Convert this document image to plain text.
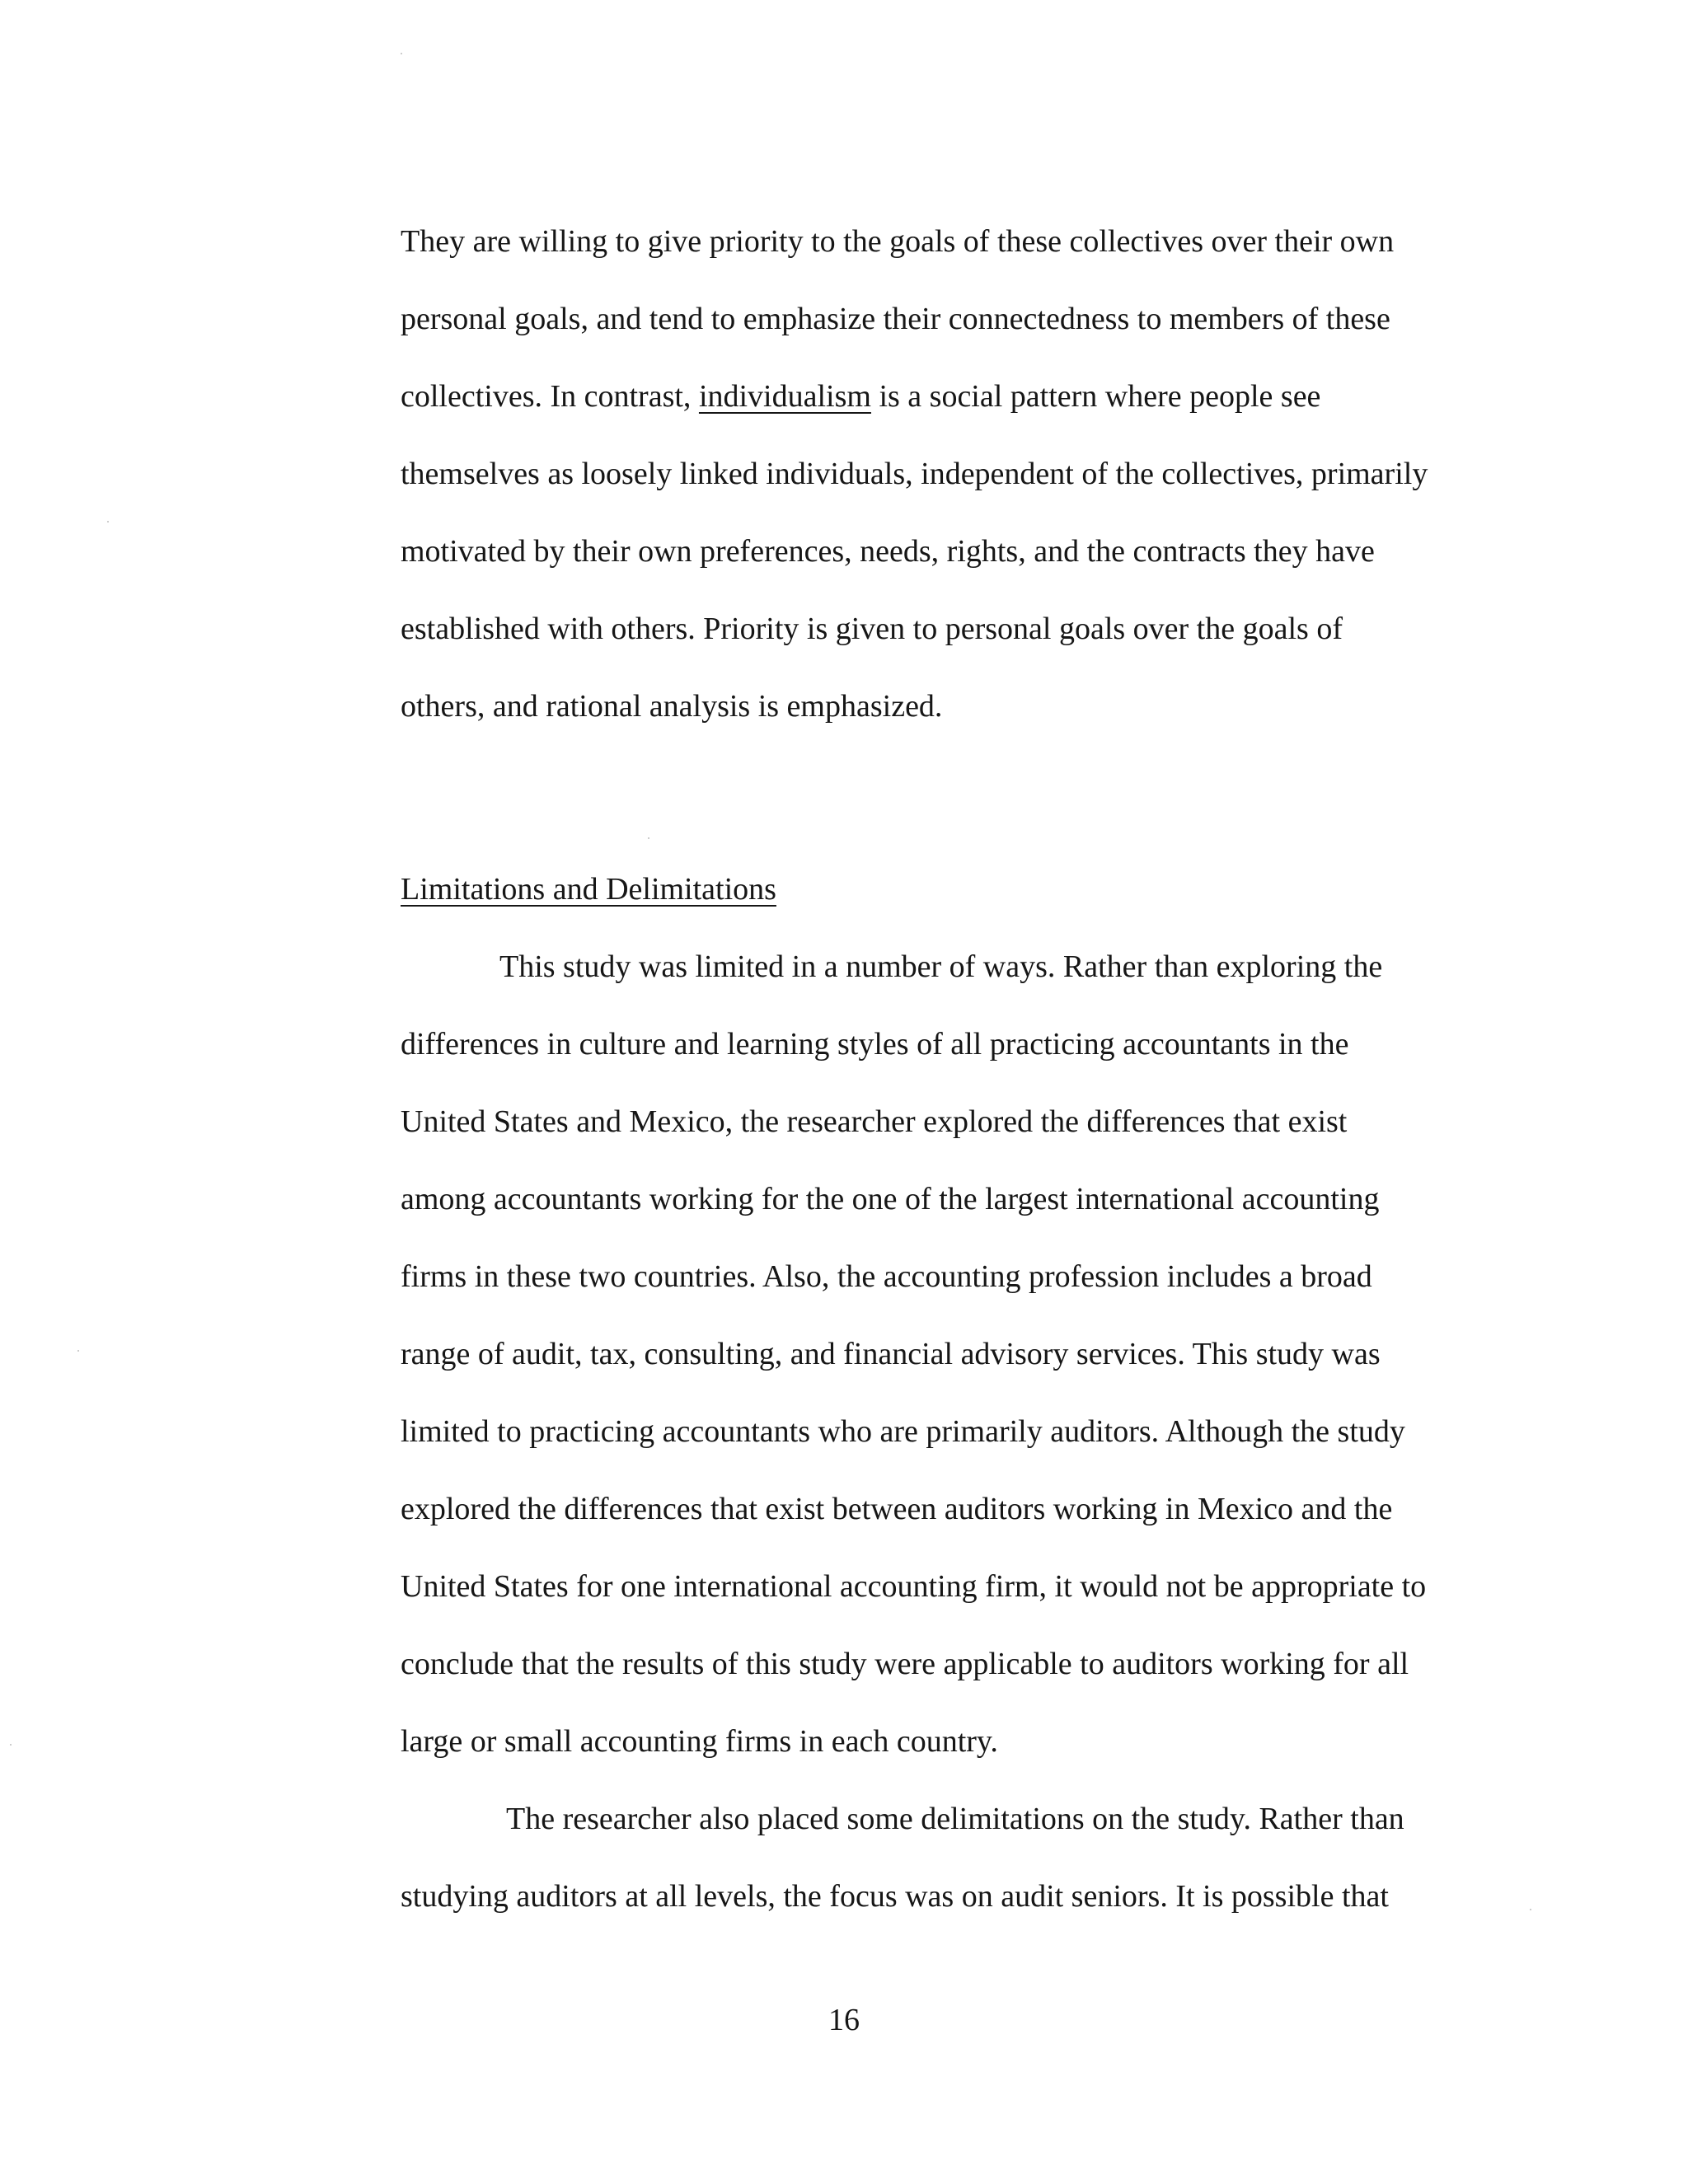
They are willing to give priority to the goals of these collectives over their own
personal goals, and tend to emphasize their connectedness to members of these
collectives. In contrast, individualism is a social pattern where people see
themselves as loosely linked individuals, independent of the collectives, primarily
motivated by their own preferences, needs, rights, and the contracts they have
established with others. Priority is given to personal goals over the goals of
others, and rational analysis is emphasized.
Limitations and Delimitations
This study was limited in a number of ways. Rather than exploring the
differences in culture and learning styles of all practicing accountants in the
United States and Mexico, the researcher explored the differences that exist
among accountants working for the one of the largest international accounting
firms in these two countries. Also, the accounting profession includes a broad
range of audit, tax, consulting, and financial advisory services. This study was
limited to practicing accountants who are primarily auditors. Although the study
explored the differences that exist between auditors working in Mexico and the
United States for one international accounting firm, it would not be appropriate to
conclude that the results of this study were applicable to auditors working for all
large or small accounting firms in each country.
The researcher also placed some delimitations on the study. Rather than
studying auditors at all levels, the focus was on audit seniors. It is possible that
16
